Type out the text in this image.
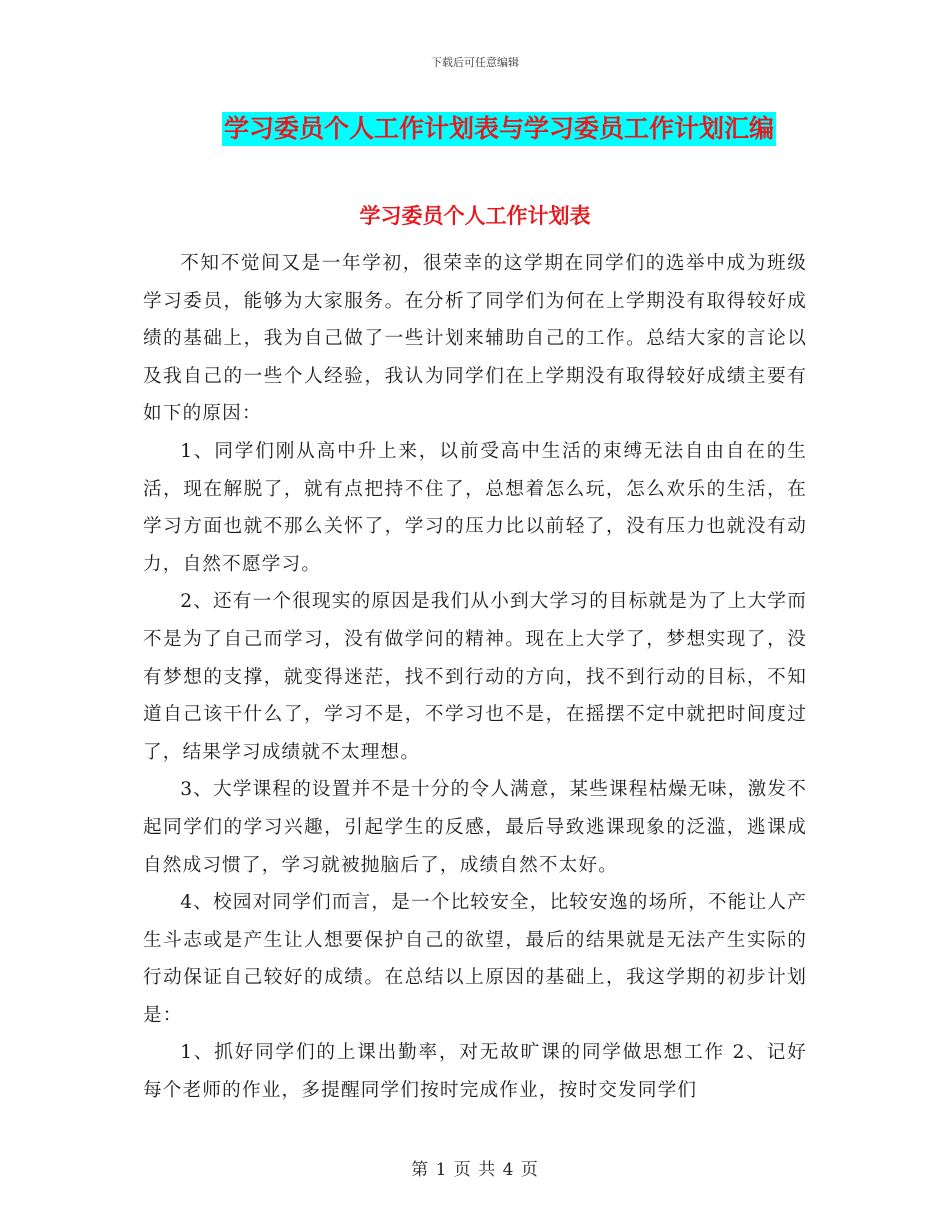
下载后可任意编辑
学习委员个人工作计划表与学习委员工作计划汇编
学习委员个人工作计划表

不知不觉间又是一年学初，很荣幸的这学期在同学们的选举中成为班级学习委员，能够为大家服务。在分析了同学们为何在上学期没有取得较好成绩的基础上，我为自己做了一些计划来辅助自己的工作。总结大家的言论以及我自己的一些个人经验，我认为同学们在上学期没有取得较好成绩主要有如下的原因：

1、同学们刚从高中升上来，以前受高中生活的束缚无法自由自在的生活，现在解脱了，就有点把持不住了，总想着怎么玩，怎么欢乐的生活，在学习方面也就不那么关怀了，学习的压力比以前轻了，没有压力也就没有动力，自然不愿学习。

2、还有一个很现实的原因是我们从小到大学习的目标就是为了上大学而不是为了自己而学习，没有做学问的精神。现在上大学了，梦想实现了，没有梦想的支撑，就变得迷茫，找不到行动的方向，找不到行动的目标，不知道自己该干什么了，学习不是，不学习也不是，在摇摆不定中就把时间度过了，结果学习成绩就不太理想。

3、大学课程的设置并不是十分的令人满意，某些课程枯燥无味，激发不起同学们的学习兴趣，引起学生的反感，最后导致逃课现象的泛滥，逃课成自然成习惯了，学习就被抛脑后了，成绩自然不太好。

4、校园对同学们而言，是一个比较安全，比较安逸的场所，不能让人产生斗志或是产生让人想要保护自己的欲望，最后的结果就是无法产生实际的行动保证自己较好的成绩。在总结以上原因的基础上，我这学期的初步计划是：

1、抓好同学们的上课出勤率，对无故旷课的同学做思想工作 2、记好每个老师的作业，多提醒同学们按时完成作业，按时交发同学们

第 1 页 共 4 页
